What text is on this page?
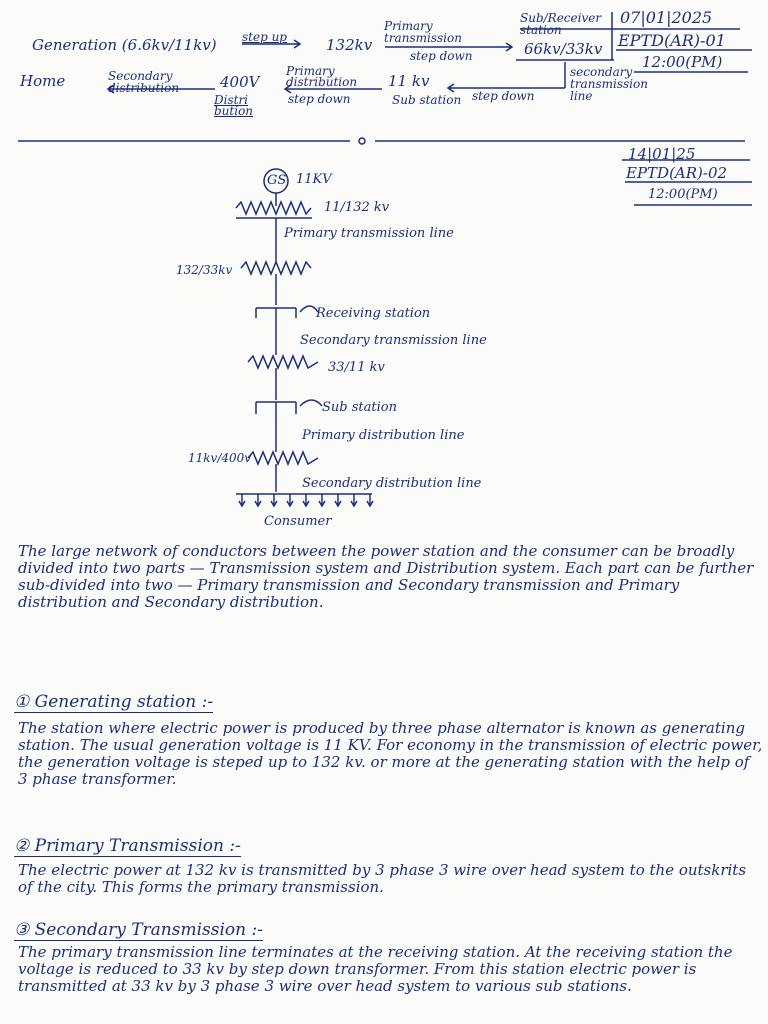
Generation (6.6kv/11kv) step up	132kv
Primary transmission
step down
Sub/Receiver station
66kv/33kv
secondary transmission line
step down
11 kv
Sub station
Primary distribution
step down
400V
Distri bution
Secondary distribution
Home
07|01|2025
EPTD(AR)-01
12:00(PM)
14|01|25
EPTD(AR)-02
12:00(PM)
GS 11KV
11/132 kv
Primary transmission line
132/33kv
Receiving station
Secondary transmission line
33/11 kv
Sub station
Primary distribution line
11kv/400v
Secondary distribution line
Consumer
The large network of conductors between the power station and the consumer can be broadly divided into two parts — Transmission system and Distribution system. Each part can be further sub-divided into two — Primary transmission and Secondary transmission and Primary distribution and Secondary distribution.
① Generating station :-
The station where electric power is produced by three phase alternator is known as generating station. The usual generation voltage is 11 KV. For economy in the transmission of electric power, the generation voltage is steped up to 132 kv. or more at the generating station with the help of 3 phase transformer.
② Primary Transmission :-
The electric power at 132 kv is transmitted by 3 phase 3 wire over head system to the outskrits of the city. This forms the primary transmission.
③ Secondary Transmission :-
The primary transmission line terminates at the receiving station. At the receiving station the voltage is reduced to 33 kv by step down transformer. From this station electric power is transmitted at 33 kv by 3 phase 3 wire over head system to various sub stations.
